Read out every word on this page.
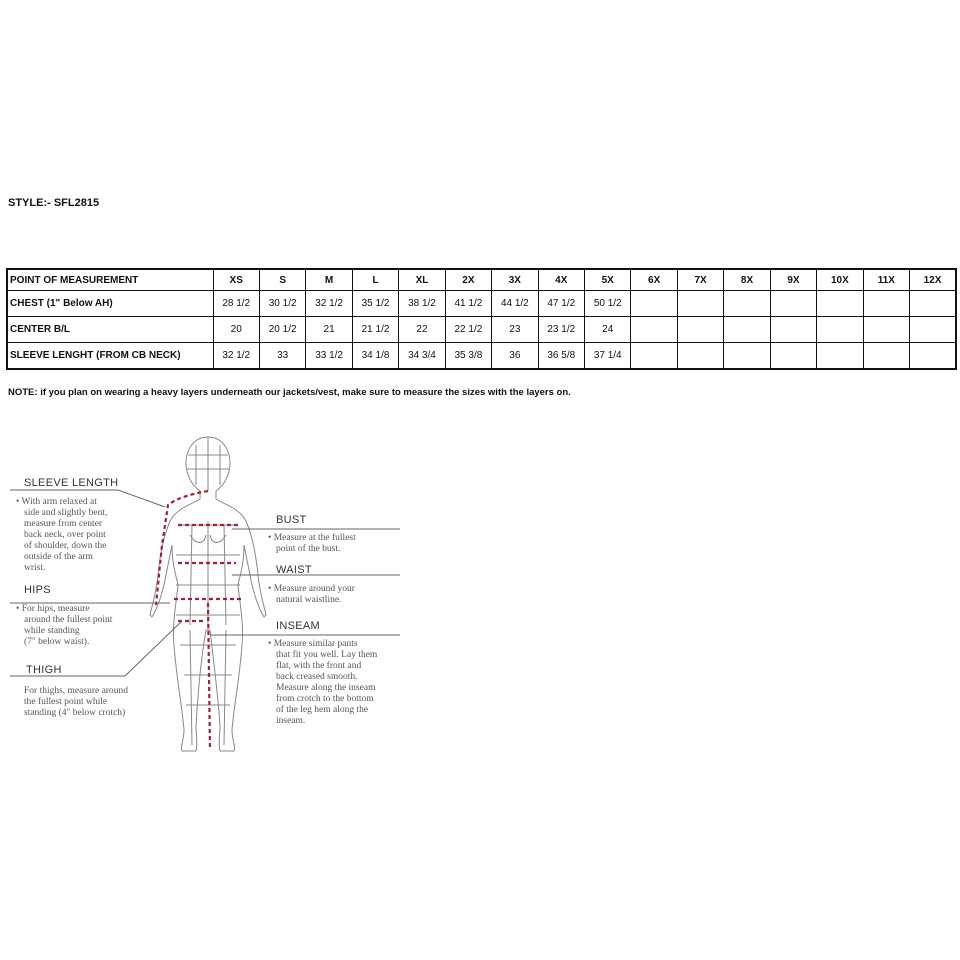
STYLE:- SFL2815
POINT OF MEASUREMENT	XS	S	M	L	XL	2X	3X	4X	5X	6X	7X	8X	9X	10X	11X	12X
CHEST (1" Below AH)	28 1/2	30 1/2	32 1/2	35 1/2	38 1/2	41 1/2	44 1/2	47 1/2	50 1/2							
CENTER B/L	20	20 1/2	21	21 1/2	22	22 1/2	23	23 1/2	24							
SLEEVE LENGHT (FROM CB NECK)	32 1/2	33	33 1/2	34 1/8	34 3/4	35 3/8	36	36 5/8	37 1/4							
NOTE: if you plan on wearing a heavy layers underneath our jackets/vest, make sure to measure the sizes with the layers on.
SLEEVE LENGTH
• With arm relaxed at
side and slightly bent,
measure from center
back neck, over point
of shoulder, down the
outside of the arm
wrist.
HIPS
• For hips, measure
around the fullest point
while standing
(7" below waist).
THIGH
For thighs, measure around
the fullest point while
standing (4" below crotch)
BUST
• Measure at the fullest
point of the bust.
WAIST
• Measure around your
natural waistline.
INSEAM
• Measure similar pants
that fit you well. Lay them
flat, with the front and
back creased smooth.
Measure along the inseam
from crotch to the bottom
of the leg hem along the
inseam.
